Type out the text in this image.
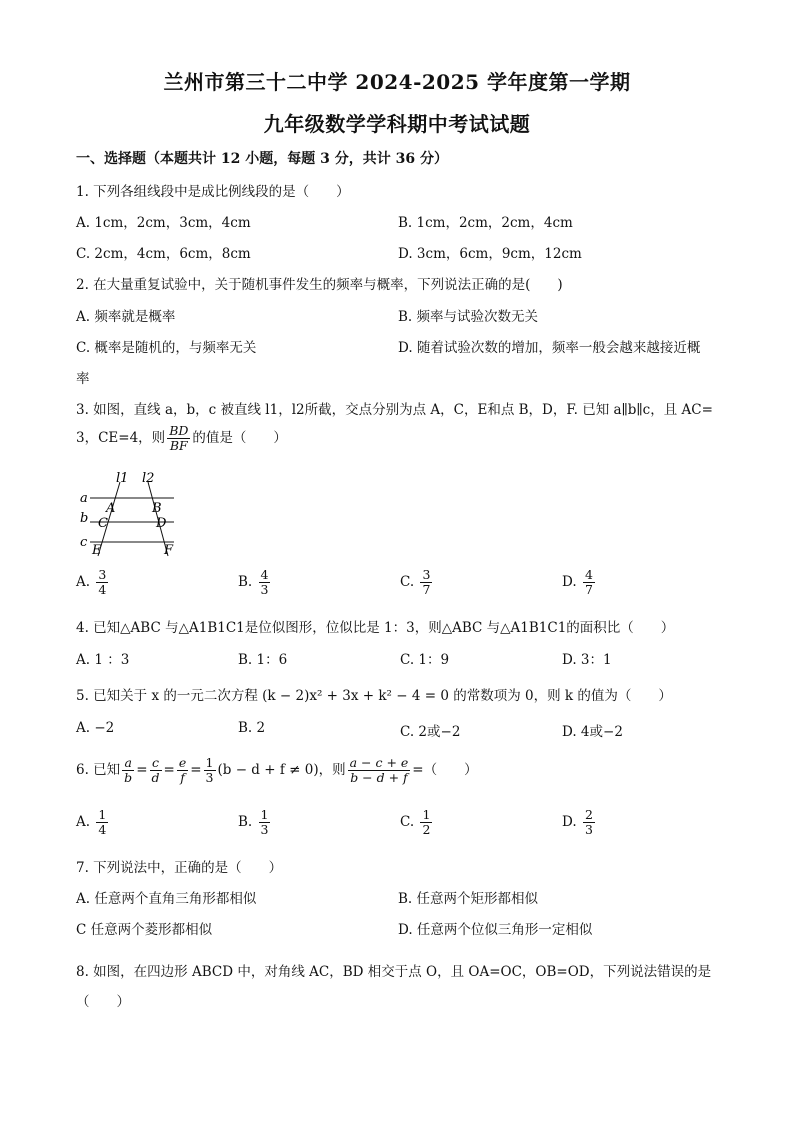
兰州市第三十二中学 2024-2025 学年度第一学期
九年级数学学科期中考试试题
一、选择题（本题共计 12 小题，每题 3 分，共计 36 分）
1. 下列各组线段中是成比例线段的是（　　）
A. 1cm，2cm，3cm，4cm	B. 1cm，2cm，2cm，4cm
C. 2cm，4cm，6cm，8cm	D. 3cm，6cm，9cm，12cm
2. 在大量重复试验中，关于随机事件发生的频率与概率，下列说法正确的是(　　)
A. 频率就是概率	B. 频率与试验次数无关
C. 概率是随机的，与频率无关	D. 随着试验次数的增加，频率一般会越来越接近概
率
3. 如图，直线 a，b，c 被直线 l1，l2所截，交点分别为点 A，C，E和点 B，D，F. 已知 a∥b∥c，且 AC=
3，CE=4，则 $\frac{BD}{BF}$ 的值是（　　）
l1 l2
a
b
c
A	B
C	D
E	F
A. $\frac{3}{4}$	B. $\frac{4}{3}$	C. $\frac{3}{7}$	D. $\frac{4}{7}$
4. 已知△ABC 与△A1B1C1是位似图形，位似比是 1：3，则△ABC 与△A1B1C1的面积比（　　）
A. 1 ：3	B. 1：6	C. 1：9	D. 3：1
5. 已知关于 x 的一元二次方程 (k − 2)x² + 3x + k² − 4 = 0 的常数项为 0，则 k 的值为（　　）
A. −2	B. 2	C. 2或−2	D. 4或−2
6. 已知 $\frac{a}{b} = \frac{c}{d} = \frac{e}{f} = \frac{1}{3} (b - d + f \ne 0)$，则 $\frac{a - c + e}{b - d + f}$ =（　　）
A. $\frac{1}{4}$	B. $\frac{1}{3}$	C. $\frac{1}{2}$	D. $\frac{2}{3}$
7. 下列说法中，正确的是（　　）
A. 任意两个直角三角形都相似	B. 任意两个矩形都相似
C 任意两个菱形都相似	D. 任意两个位似三角形一定相似
8. 如图，在四边形 ABCD 中，对角线 AC，BD 相交于点 O，且 OA=OC，OB=OD，下列说法错误的是
（　　）
